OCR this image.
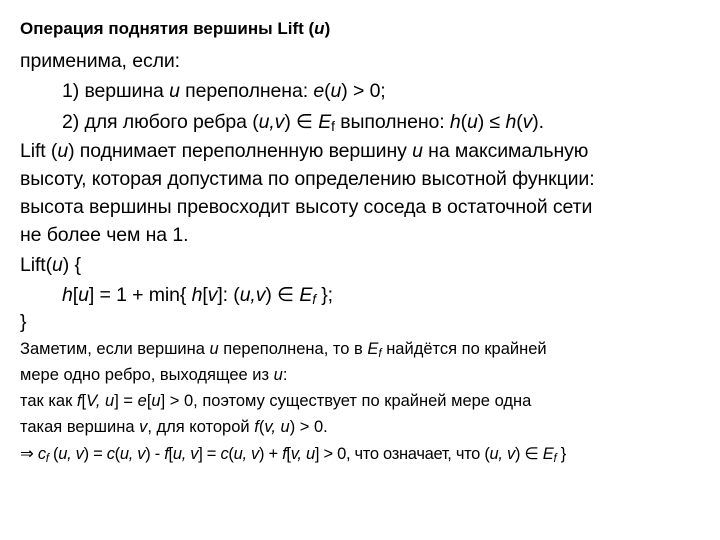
Операция поднятия вершины Lift (u)
применима, если:
1) вершина u переполнена: e(u) > 0;
2) для любого ребра (u,v) ∈ $E_f$ выполнено: h(u) ≤ h(v).
Lift (u) поднимает переполненную вершину u на максимальную
высоту, которая допустима по определению высотной функции:
высота вершины превосходит высоту соседа в остаточной сети
не более чем на 1.
Lift(u) {
h[u] = 1 + min{ h[v]: (u,v) ∈ $E_f$ };
}
Заметим, если вершина u переполнена, то в $E_f$ найдётся по крайней
мере одно ребро, выходящее из u:
так как f[V, u] = e[u] > 0, поэтому существует по крайней мере одна
такая вершина v, для которой f(v, u) > 0.
⇒ $c_f$ (u, v) = c(u, v) - f[u, v] = c(u, v) + f[v, u] > 0, что означает, что (u, v) ∈ $E_f$ }
